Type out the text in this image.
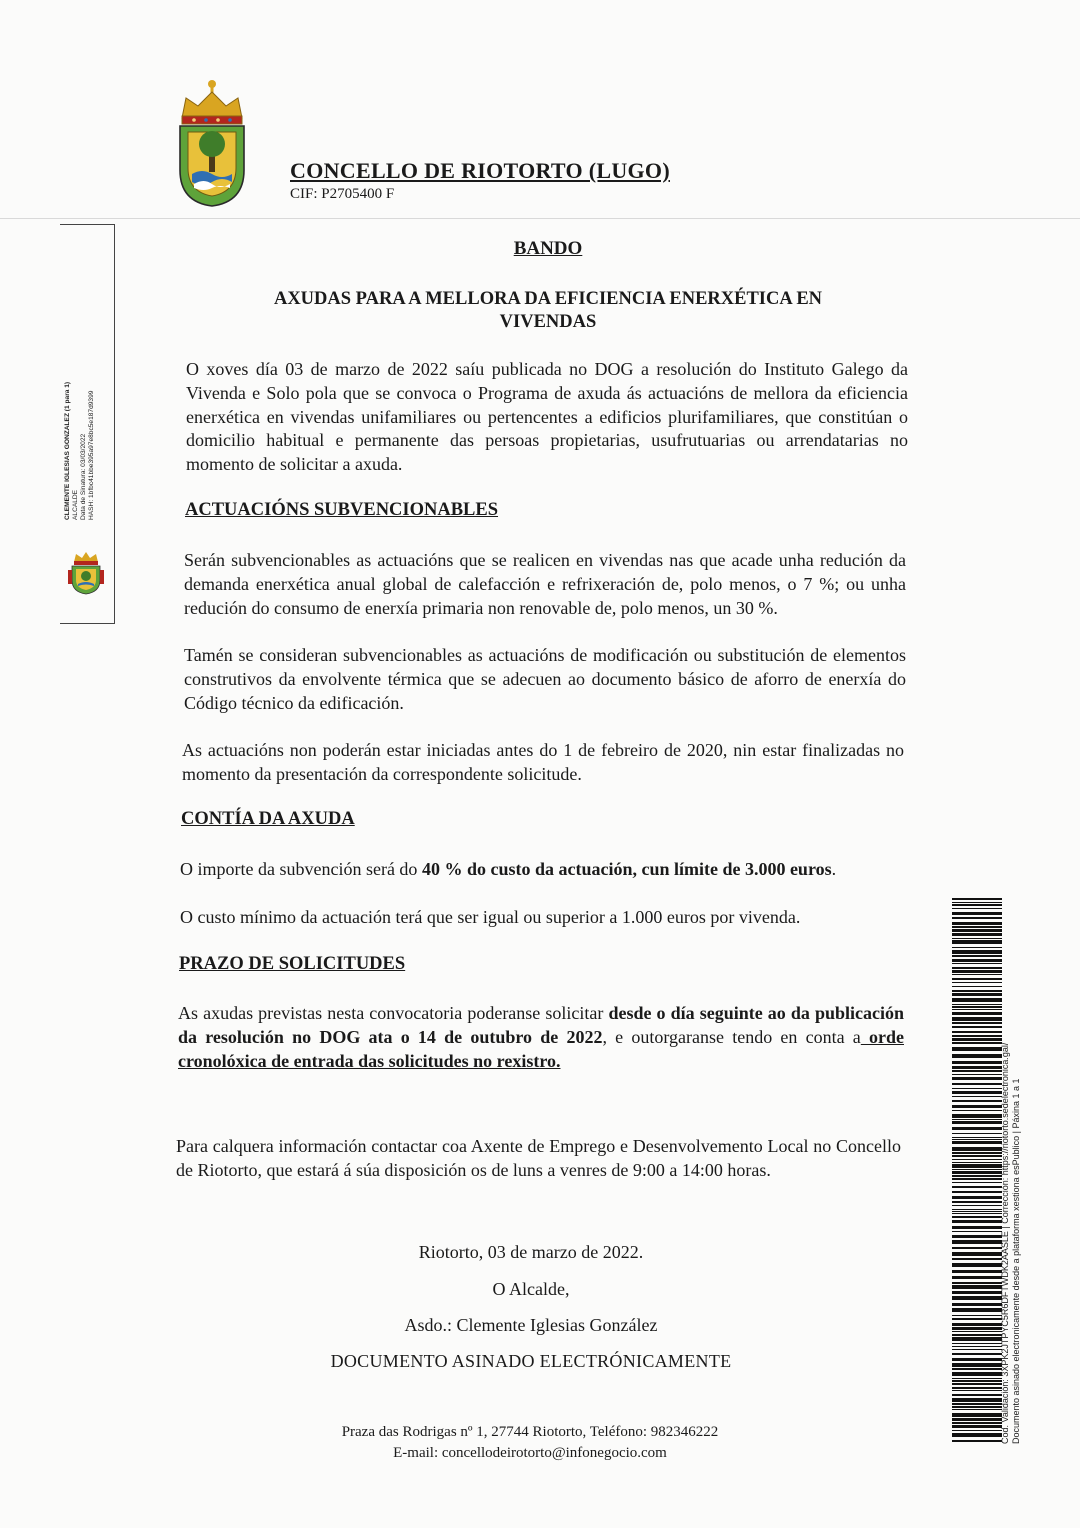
CONCELLO DE RIOTORTO (LUGO)
CIF: P2705400 F
CLEMENTE IGLESIAS GONZALEZ (1 para 1) ALCALDE Data de Sinatura: 03/03/2022 HASH: 1bfbc41bbe395a97e8bc5e187d9399
BANDO
AXUDAS PARA A MELLORA DA EFICIENCIA ENERXÉTICA EN
VIVENDAS
O xoves día 03 de marzo de 2022 saíu publicada no DOG a resolución do Instituto Galego da Vivenda e Solo pola que se convoca o Programa de axuda ás actuacións de mellora da eficiencia enerxética en vivendas unifamiliares ou pertencentes a edificios plurifamiliares, que constitúan o domicilio habitual e permanente das persoas propietarias, usufrutuarias ou arrendatarias no momento de solicitar a axuda.
ACTUACIÓNS SUBVENCIONABLES
Serán subvencionables as actuacións que se realicen en vivendas nas que acade unha redución da demanda enerxética anual global de calefacción e refrixeración de, polo menos, o 7 %; ou unha redución do consumo de enerxía primaria non renovable de, polo menos, un 30 %.
Tamén se consideran subvencionables as actuacións de modificación ou substitución de elementos construtivos da envolvente térmica que se adecuen ao documento básico de aforro de enerxía do Código técnico da edificación.
As actuacións non poderán estar iniciadas antes do 1 de febreiro de 2020, nin estar finalizadas no momento da presentación da correspondente solicitude.
CONTÍA DA AXUDA
O importe da subvención será do 40 % do custo da actuación, cun límite de 3.000 euros.
O custo mínimo da actuación terá que ser igual ou superior a 1.000 euros por vivenda.
PRAZO DE SOLICITUDES
As axudas previstas nesta convocatoria poderanse solicitar desde o día seguinte ao da publicación da resolución no DOG ata o 14 de outubro de 2022, e outorgaranse tendo en conta a orde cronolóxica de entrada das solicitudes no rexistro.
Para calquera información contactar coa Axente de Emprego e Desenvolvemento Local no Concello de Riotorto, que estará á súa disposición os de luns a venres de 9:00 a 14:00 horas.
Riotorto, 03 de marzo de 2022.
O Alcalde,
Asdo.: Clemente Iglesias González
DOCUMENTO ASINADO ELECTRÓNICAMENTE
Praza das Rodrigas nº 1, 27744 Riotorto, Teléfono: 982346222
E-mail: concellodeirotorto@infonegocio.com
Cod. Validación: 3XPK2JTPYC5R6DFTWDK2AASLE | Corrección: https://riotorto.sedelectronica.gal/ Documento asinado electronicamente desde a plataforma xestiona esPublico | Páxina 1 a 1
